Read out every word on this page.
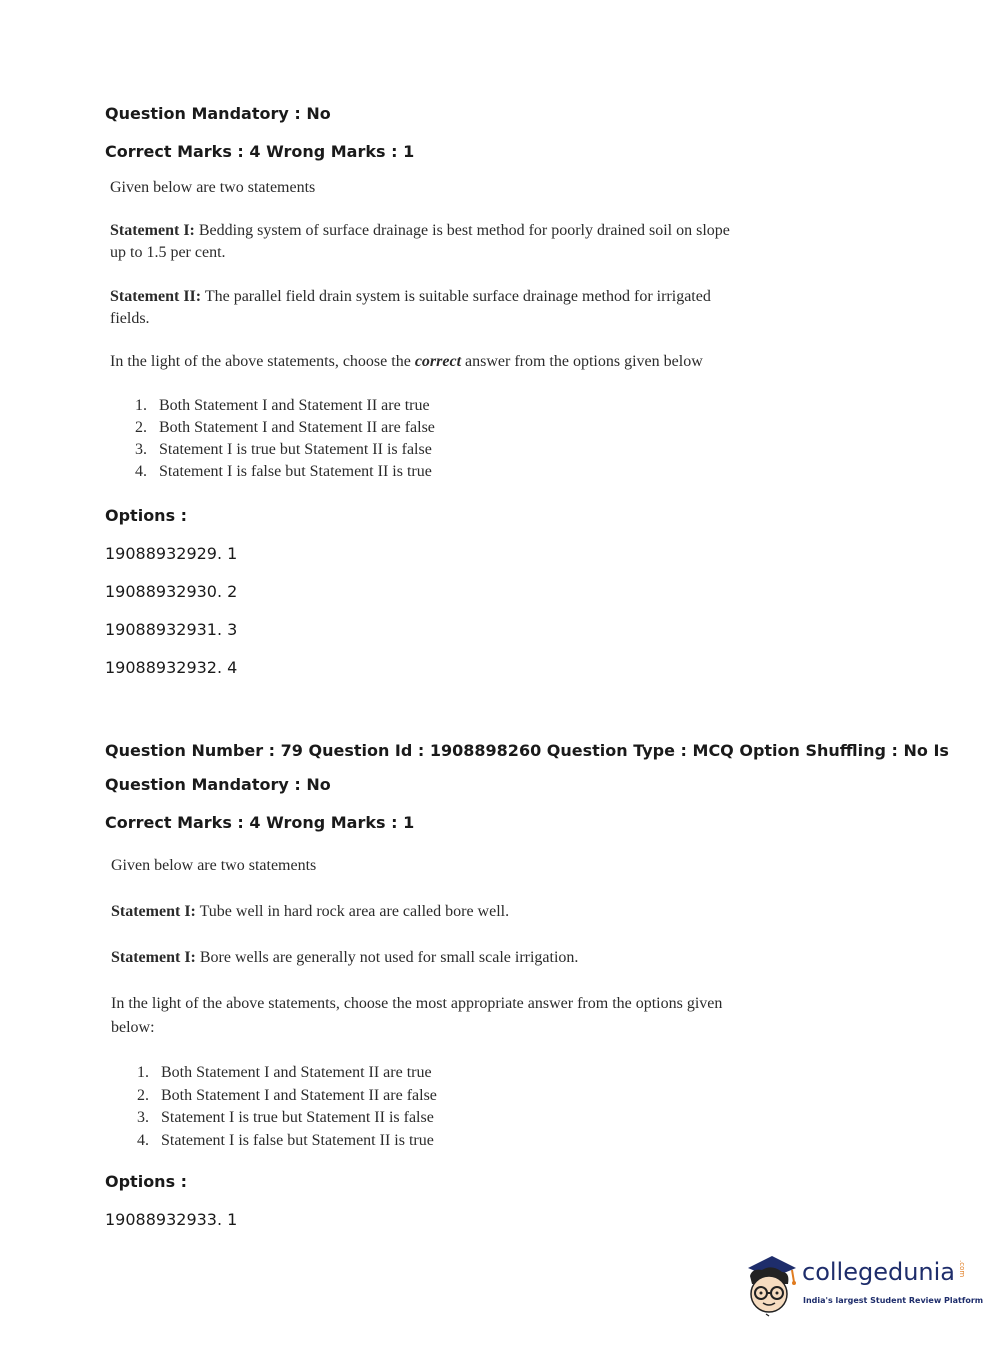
Question Mandatory : No
Correct Marks : 4 Wrong Marks : 1
Given below are two statements
Statement I: Bedding system of surface drainage is best method for poorly drained soil on slope up to 1.5 per cent.
Statement II: The parallel field drain system is suitable surface drainage method for irrigated fields.
In the light of the above statements, choose the correct answer from the options given below
1. Both Statement I and Statement II are true
2. Both Statement I and Statement II are false
3. Statement I is true but Statement II is false
4. Statement I is false but Statement II is true
Options :
19088932929. 1
19088932930. 2
19088932931. 3
19088932932. 4
Question Number : 79 Question Id : 1908898260 Question Type : MCQ Option Shuffling : No Is
Question Mandatory : No
Correct Marks : 4 Wrong Marks : 1
Given below are two statements
Statement I: Tube well in hard rock area are called bore well.
Statement I: Bore wells are generally not used for small scale irrigation.
In the light of the above statements, choose the most appropriate answer from the options given below:
1. Both Statement I and Statement II are true
2. Both Statement I and Statement II are false
3. Statement I is true but Statement II is false
4. Statement I is false but Statement II is true
Options :
19088932933. 1
collegedunia .com
India's largest Student Review Platform
